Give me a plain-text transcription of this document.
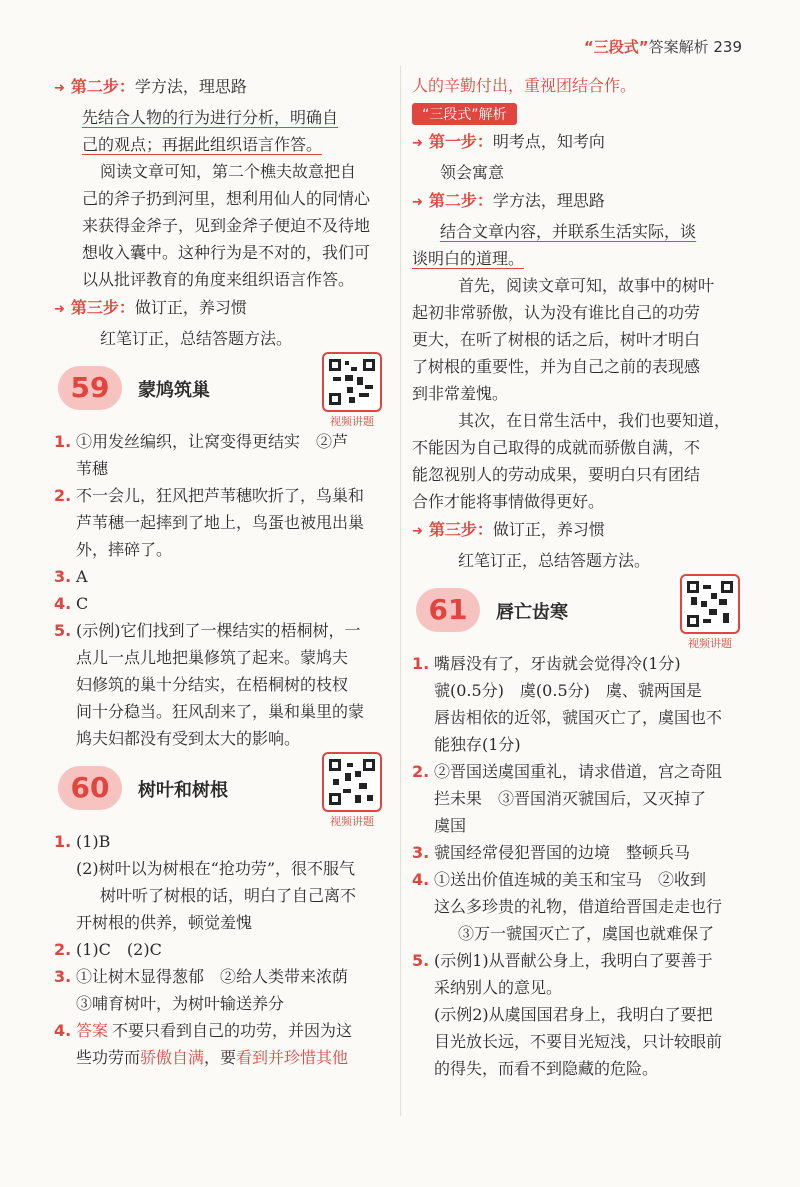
“三段式”答案解析 239
➜ 第二步：学方法，理思路
先结合人物的行为进行分析，明确自
己的观点；再据此组织语言作答。
阅读文章可知，第二个樵夫故意把自
己的斧子扔到河里，想利用仙人的同情心
来获得金斧子，见到金斧子便迫不及待地
想收入囊中。这种行为是不对的，我们可
以从批评教育的角度来组织语言作答。
➜ 第三步：做订正，养习惯
红笔订正，总结答题方法。
59	蒙鸠筑巢
视频讲题
1. ①用发丝编织，让窝变得更结实　②芦
苇穗
2. 不一会儿，狂风把芦苇穗吹折了，鸟巢和
芦苇穗一起摔到了地上，鸟蛋也被甩出巢
外，摔碎了。
3. A
4. C
5. (示例)它们找到了一棵结实的梧桐树，一
点儿一点儿地把巢修筑了起来。蒙鸠夫
妇修筑的巢十分结实，在梧桐树的枝杈
间十分稳当。狂风刮来了，巢和巢里的蒙
鸠夫妇都没有受到太大的影响。
60	树叶和树根
视频讲题
1. (1)B
(2)树叶以为树根在“抢功劳”，很不服气
树叶听了树根的话，明白了自己离不
开树根的供养，顿觉羞愧
2. (1)C　(2)C
3. ①让树木显得葱郁　②给人类带来浓荫
③哺育树叶，为树叶输送养分
4. 答案 不要只看到自己的功劳，并因为这
些功劳而骄傲自满，要看到并珍惜其他
人的辛勤付出，重视团结合作。
“三段式”解析
➜ 第一步：明考点，知考向
领会寓意
➜ 第二步：学方法，理思路
结合文章内容，并联系生活实际，谈
谈明白的道理。
首先，阅读文章可知，故事中的树叶
起初非常骄傲，认为没有谁比自己的功劳
更大，在听了树根的话之后，树叶才明白
了树根的重要性，并为自己之前的表现感
到非常羞愧。
其次，在日常生活中，我们也要知道，
不能因为自己取得的成就而骄傲自满，不
能忽视别人的劳动成果，要明白只有团结
合作才能将事情做得更好。
➜ 第三步：做订正，养习惯
红笔订正，总结答题方法。
61	唇亡齿寒
视频讲题
1. 嘴唇没有了，牙齿就会觉得冷(1分)
虢(0.5分)　虞(0.5分)　虞、虢两国是
唇齿相依的近邻，虢国灭亡了，虞国也不
能独存(1分)
2. ②晋国送虞国重礼，请求借道，宫之奇阻
拦未果　③晋国消灭虢国后，又灭掉了
虞国
3. 虢国经常侵犯晋国的边境　整顿兵马
4. ①送出价值连城的美玉和宝马　②收到
这么多珍贵的礼物，借道给晋国走走也行
③万一虢国灭亡了，虞国也就难保了
5. (示例1)从晋献公身上，我明白了要善于
采纳别人的意见。
(示例2)从虞国国君身上，我明白了要把
目光放长远，不要目光短浅，只计较眼前
的得失，而看不到隐藏的危险。
